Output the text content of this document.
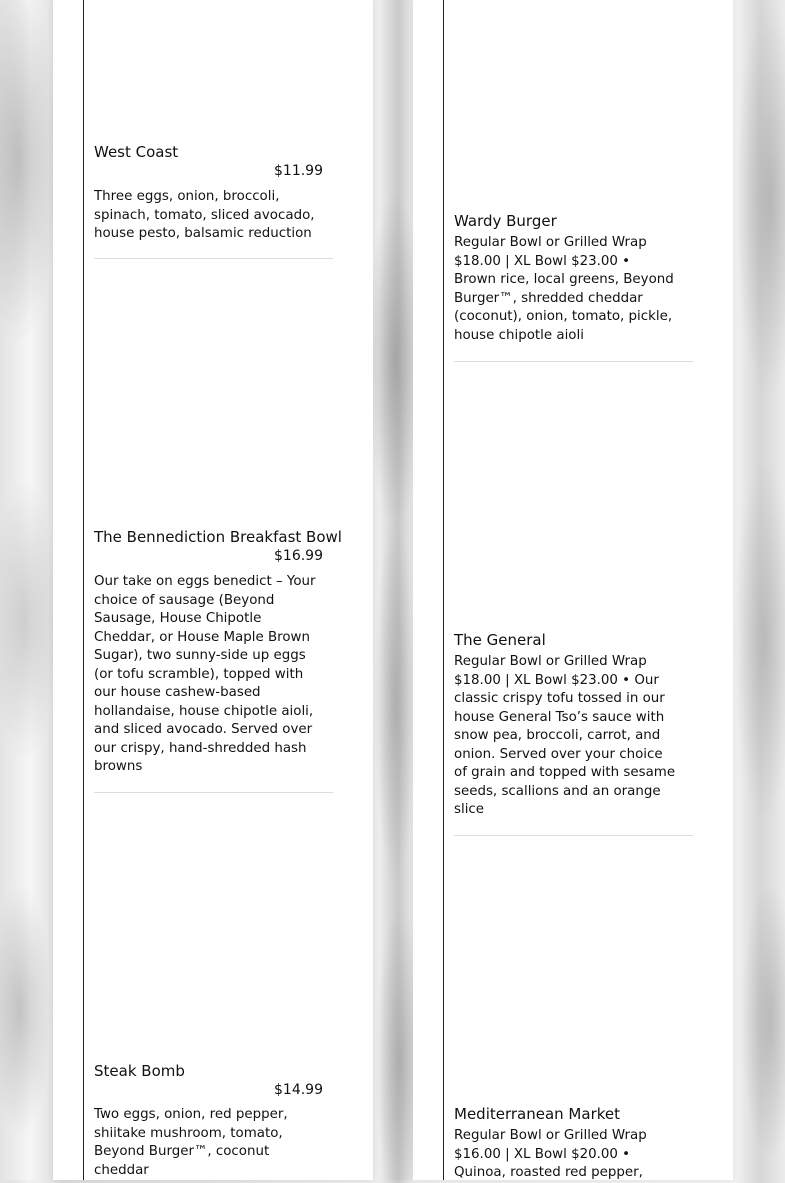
West Coast
$11.99
Three eggs, onion, broccoli, spinach, tomato, sliced avocado, house pesto, balsamic reduction
The Bennediction Breakfast Bowl
$16.99
Our take on eggs benedict – Your choice of sausage (Beyond Sausage, House Chipotle Cheddar, or House Maple Brown Sugar), two sunny-side up eggs (or tofu scramble), topped with our house cashew-based hollandaise, house chipotle aioli, and sliced avocado. Served over our crispy, hand-shredded hash browns
Steak Bomb
$14.99
Two eggs, onion, red pepper, shiitake mushroom, tomato, Beyond Burger™, coconut cheddar
Wardy Burger
Regular Bowl or Grilled Wrap $18.00 | XL Bowl $23.00 • Brown rice, local greens, Beyond Burger™, shredded cheddar (coconut), onion, tomato, pickle, house chipotle aioli
The General
Regular Bowl or Grilled Wrap $18.00 | XL Bowl $23.00 • Our classic crispy tofu tossed in our house General Tso’s sauce with snow pea, broccoli, carrot, and onion. Served over your choice of grain and topped with sesame seeds, scallions and an orange slice
Mediterranean Market
Regular Bowl or Grilled Wrap $16.00 | XL Bowl $20.00 • Quinoa, roasted red pepper,
